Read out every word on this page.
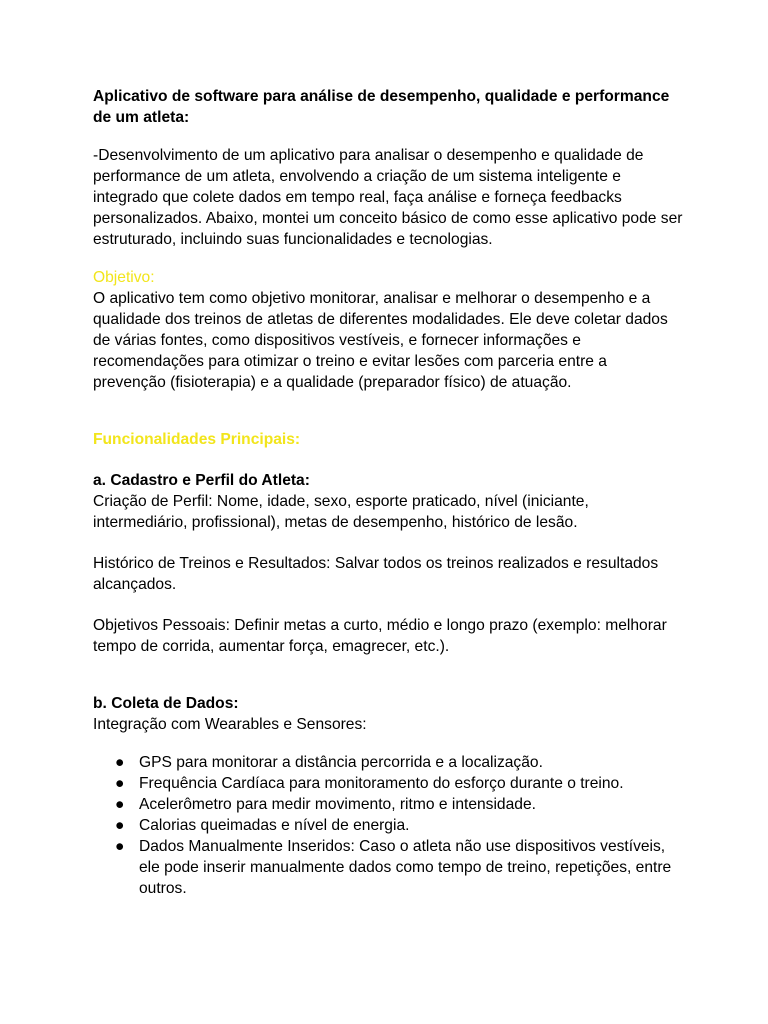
Aplicativo de software para análise de desempenho, qualidade e performance de um atleta:

-Desenvolvimento de um aplicativo para analisar o desempenho e qualidade de performance de um atleta, envolvendo a criação de um sistema inteligente e integrado que colete dados em tempo real, faça análise e forneça feedbacks personalizados. Abaixo, montei um conceito básico de como esse aplicativo pode ser estruturado, incluindo suas funcionalidades e tecnologias.

Objetivo:

O aplicativo tem como objetivo monitorar, analisar e melhorar o desempenho e a qualidade dos treinos de atletas de diferentes modalidades. Ele deve coletar dados de várias fontes, como dispositivos vestíveis, e fornecer informações e recomendações para otimizar o treino e evitar lesões com parceria entre a prevenção (fisioterapia) e a qualidade (preparador físico) de atuação.

Funcionalidades Principais:

a. Cadastro e Perfil do Atleta:

Criação de Perfil: Nome, idade, sexo, esporte praticado, nível (iniciante, intermediário, profissional), metas de desempenho, histórico de lesão.

Histórico de Treinos e Resultados: Salvar todos os treinos realizados e resultados alcançados.

Objetivos Pessoais: Definir metas a curto, médio e longo prazo (exemplo: melhorar tempo de corrida, aumentar força, emagrecer, etc.).

b. Coleta de Dados:

Integração com Wearables e Sensores:

● GPS para monitorar a distância percorrida e a localização.
● Frequência Cardíaca para monitoramento do esforço durante o treino.
● Acelerômetro para medir movimento, ritmo e intensidade.
● Calorias queimadas e nível de energia.
● Dados Manualmente Inseridos: Caso o atleta não use dispositivos vestíveis, ele pode inserir manualmente dados como tempo de treino, repetições, entre outros.
